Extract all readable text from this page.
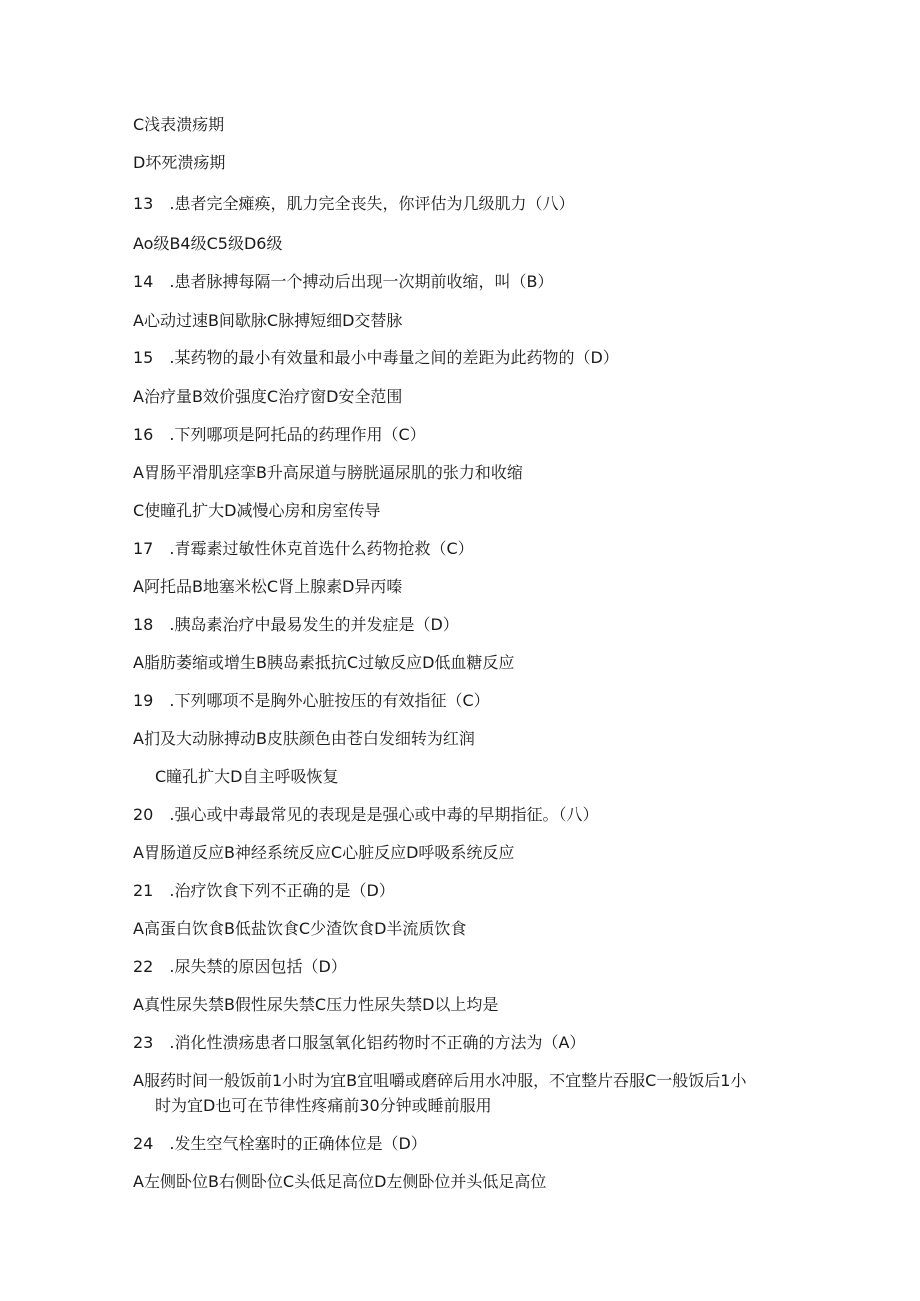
C浅表溃疡期
D坏死溃疡期
13　.患者完全瘫痪，肌力完全丧失，你评估为几级肌力（八）
Ao级B4级C5级D6级
14　.患者脉搏每隔一个搏动后出现一次期前收缩，叫（B）
A心动过速B间歇脉C脉搏短细D交替脉
15　.某药物的最小有效量和最小中毒量之间的差距为此药物的（D）
A治疗量B效价强度C治疗窗D安全范围
16　.下列哪项是阿托品的药理作用（C）
A胃肠平滑肌痉挛B升高尿道与膀胱逼尿肌的张力和收缩
C使瞳孔扩大D减慢心房和房室传导
17　.青霉素过敏性休克首选什么药物抢救（C）
A阿托品B地塞米松C肾上腺素D异丙嗪
18　.胰岛素治疗中最易发生的并发症是（D）
A脂肪萎缩或增生B胰岛素抵抗C过敏反应D低血糖反应
19　.下列哪项不是胸外心脏按压的有效指征（C）
A扪及大动脉搏动B皮肤颜色由苍白发细转为红润
C瞳孔扩大D自主呼吸恢复
20　.强心或中毒最常见的表现是是强心或中毒的早期指征。（八）
A胃肠道反应B神经系统反应C心脏反应D呼吸系统反应
21　.治疗饮食下列不正确的是（D）
A高蛋白饮食B低盐饮食C少渣饮食D半流质饮食
22　.尿失禁的原因包括（D）
A真性尿失禁B假性尿失禁C压力性尿失禁D以上均是
23　.消化性溃疡患者口服氢氧化铝药物时不正确的方法为（A）
A服药时间一般饭前1小时为宜B宜咀嚼或磨碎后用水冲服，不宜整片吞服C一般饭后1小
时为宜D也可在节律性疼痛前30分钟或睡前服用
24　.发生空气栓塞时的正确体位是（D）
A左侧卧位B右侧卧位C头低足高位D左侧卧位并头低足高位
